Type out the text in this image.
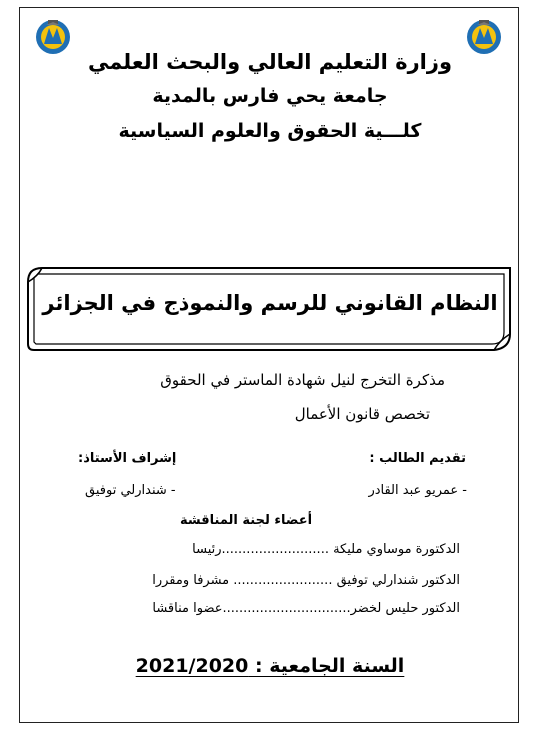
وزارة التعليم العالي والبحث العلمي
جامعة يحي فارس بالمدية
كلـــية الحقوق والعلوم السياسية
النظام القانوني للرسم والنموذج في الجزائر
مذكرة التخرج لنيل شهادة الماستر في الحقوق
تخصص قانون الأعمال
تقديم الطالب :
إشراف الأستاذ:
- عمريو عبد القادر
- شندارلي توفيق
أعضاء لجنة المناقشة
الدكتورة موساوي مليكة ..........................رئيسا
الدكتور شندارلي توفيق ........................ مشرفا ومقررا
الدكتور حليس لخضر...............................عضوا مناقشا
السنة الجامعية : 2021/2020
